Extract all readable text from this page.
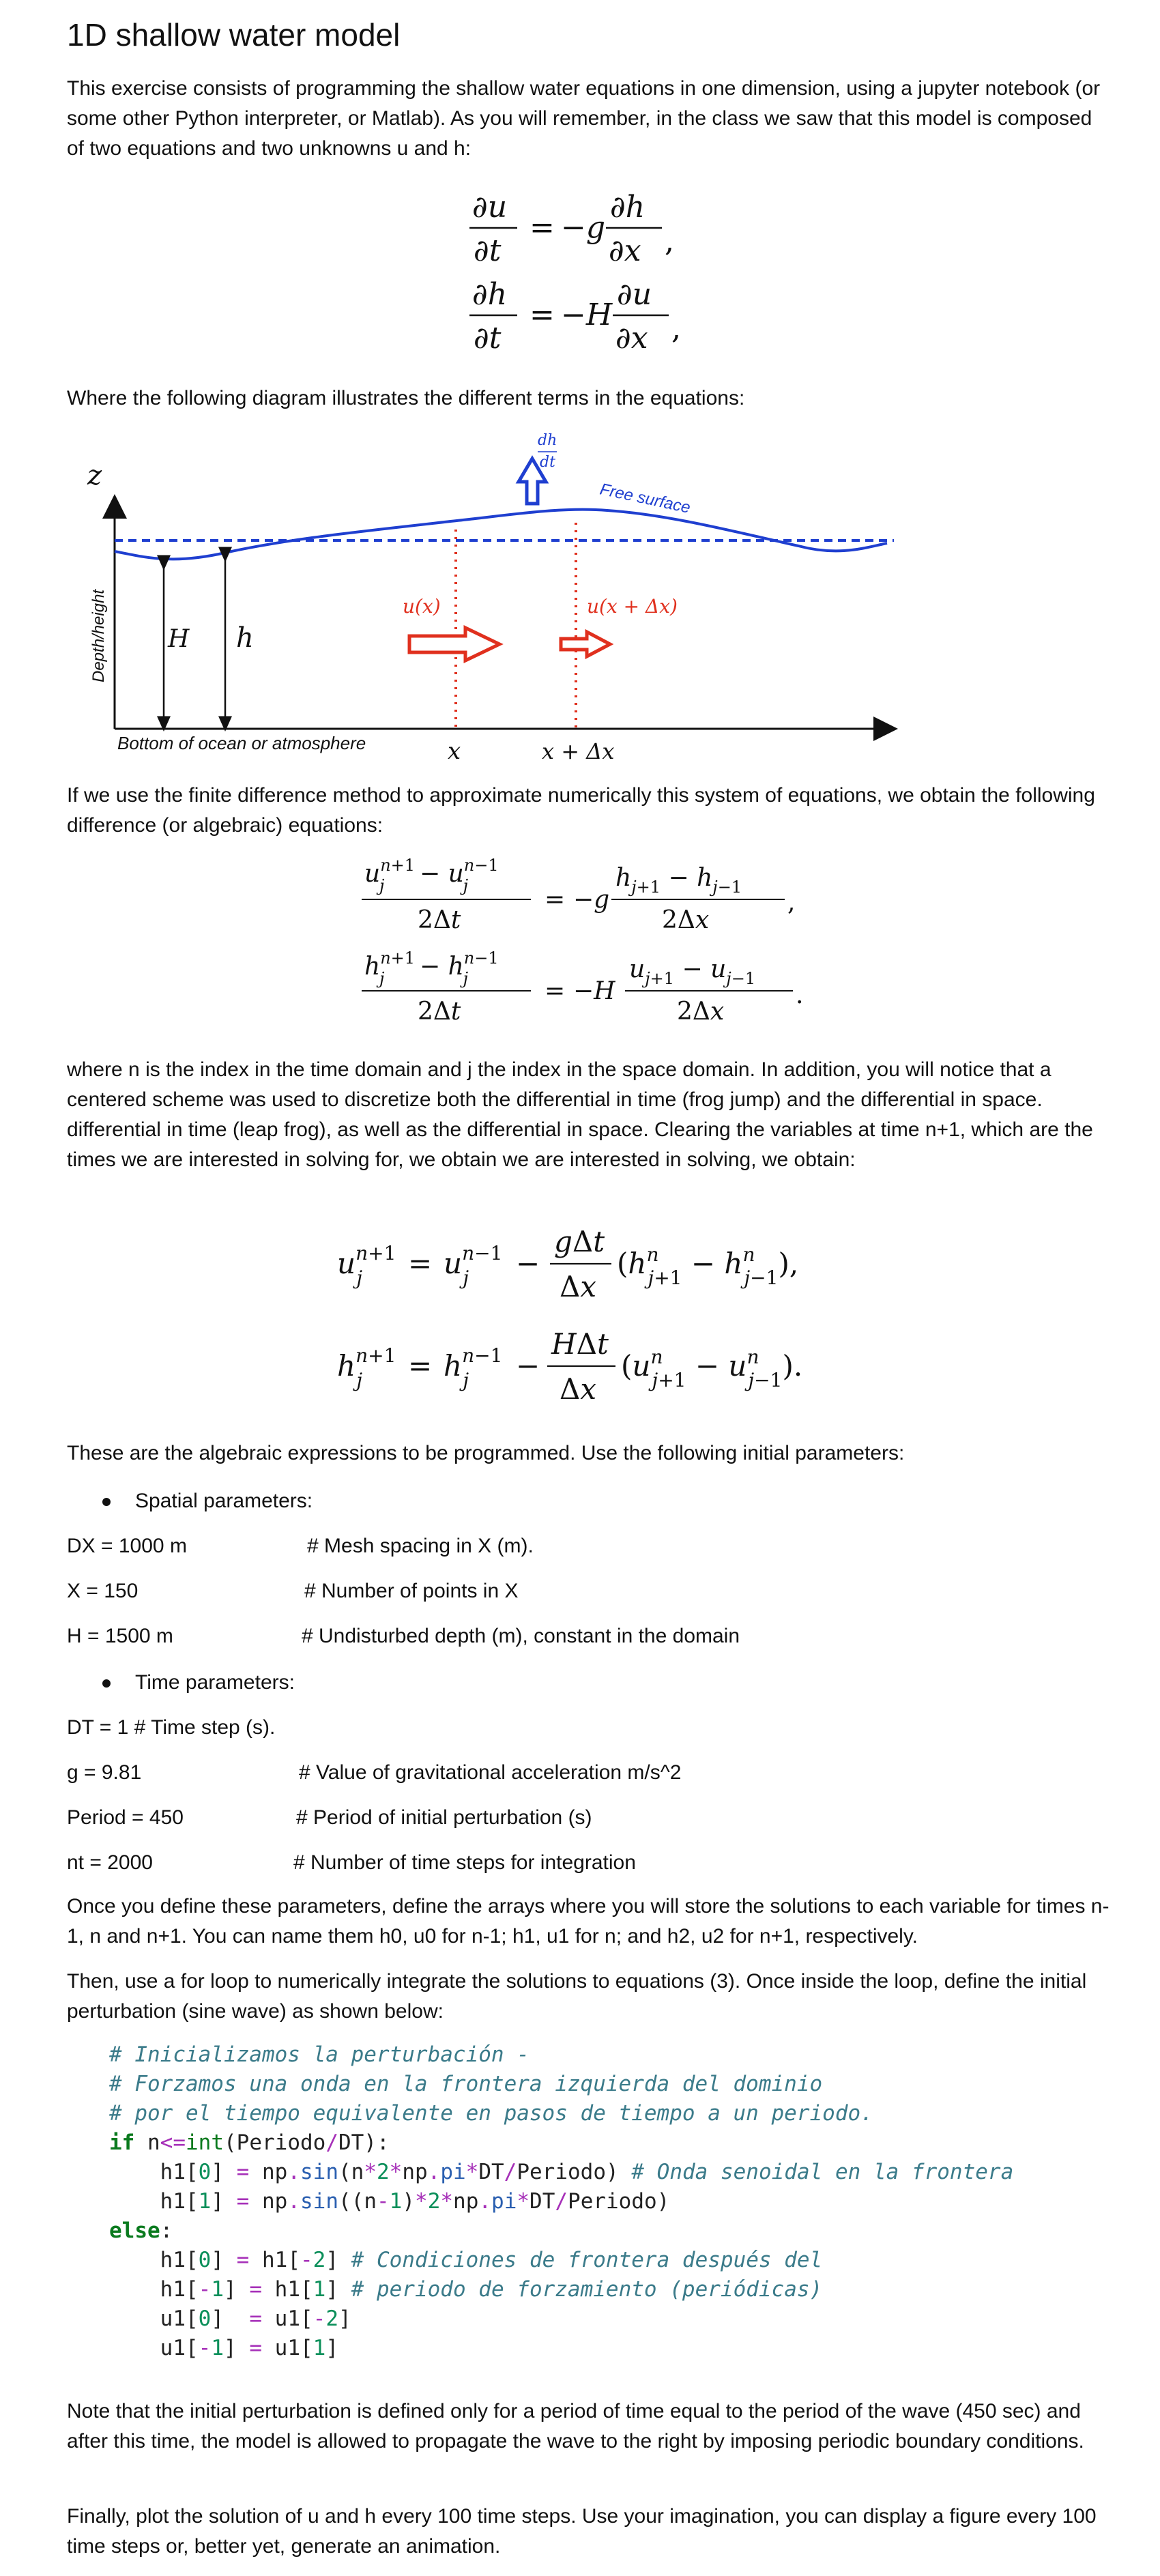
1D shallow water model

This exercise consists of programming the shallow water equations in one dimension, using a jupyter notebook (or some other Python interpreter, or Matlab). As you will remember, in the class we saw that this model is composed of two equations and two unknowns u and h:

∂u
∂t
= −g
∂h
∂x ,
∂h
∂t
= −H
∂u
∂x ,

Where the following diagram illustrates the different terms in the equations:

z
Depth/height
Free surface
dh
dt
H h
u(x)	u(x + Δx)
Bottom of ocean or atmosphere	x	x + Δx

If we use the finite difference method to approximate numerically this system of equations, we obtain the following difference (or algebraic) equations:

$u^n+1$ $j - u^n-1$ j
2Δt
= −g
$h_j+1 - h_j-1$
2Δx
,
$h^n+1$ $j - h^n-1$ j
2Δt
= −H
$u_j+1 - u_j-1$
2Δx
.

where n is the index in the time domain and j the index in the space domain. In addition, you will notice that a centered scheme was used to discretize both the differential in time (frog jump) and the differential in space. differential in time (leap frog), as well as the differential in space. Clearing the variables at time n+1, which are the times we are interested in solving for, we obtain we are interested in solving, we obtain:

$u^n+1$ j	= $u^n-1$ j	−
gΔt
Δx
($h^n$ $j+1 - h^n$ j−1),
$h^n+1$ j	= $h^n-1$ j	−
HΔt
Δx
($u^n$ $j+1 - u^n$ j−1).

These are the algebraic expressions to be programmed. Use the following initial parameters:

Spatial parameters:
DX = 1000 m	# Mesh spacing in X (m).
X = 150	# Number of points in X
H = 1500 m	# Undisturbed depth (m), constant in the domain
Time parameters:
DT = 1 # Time step (s).
g = 9.81	# Value of gravitational acceleration m/s^2
Period = 450	# Period of initial perturbation (s)
nt = 2000	# Number of time steps for integration

Once you define these parameters, define the arrays where you will store the solutions to each variable for times n-1, n and n+1. You can name them h0, u0 for n-1; h1, u1 for n; and h2, u2 for n+1, respectively.

Then, use a for loop to numerically integrate the solutions to equations (3). Once inside the loop, define the initial perturbation (sine wave) as shown below:

# Inicializamos la perturbación -
# Forzamos una onda en la frontera izquierda del dominio
# por el tiempo equivalente en pasos de tiempo a un periodo.
if n<=int(Periodo/DT):
h1[0] = np.sin(n*2*np.pi*DT/Periodo) # Onda senoidal en la frontera
h1[1] = np.sin((n-1)*2*np.pi*DT/Periodo)
else:
h1[0] = h1[-2] # Condiciones de frontera después del
h1[-1] = h1[1] # periodo de forzamiento (periódicas)
u1[0]  = u1[-2]
u1[-1] = u1[1]

Note that the initial perturbation is defined only for a period of time equal to the period of the wave (450 sec) and after this time, the model is allowed to propagate the wave to the right by imposing periodic boundary conditions.

Finally, plot the solution of u and h every 100 time steps. Use your imagination, you can display a figure every 100 time steps or, better yet, generate an animation.
